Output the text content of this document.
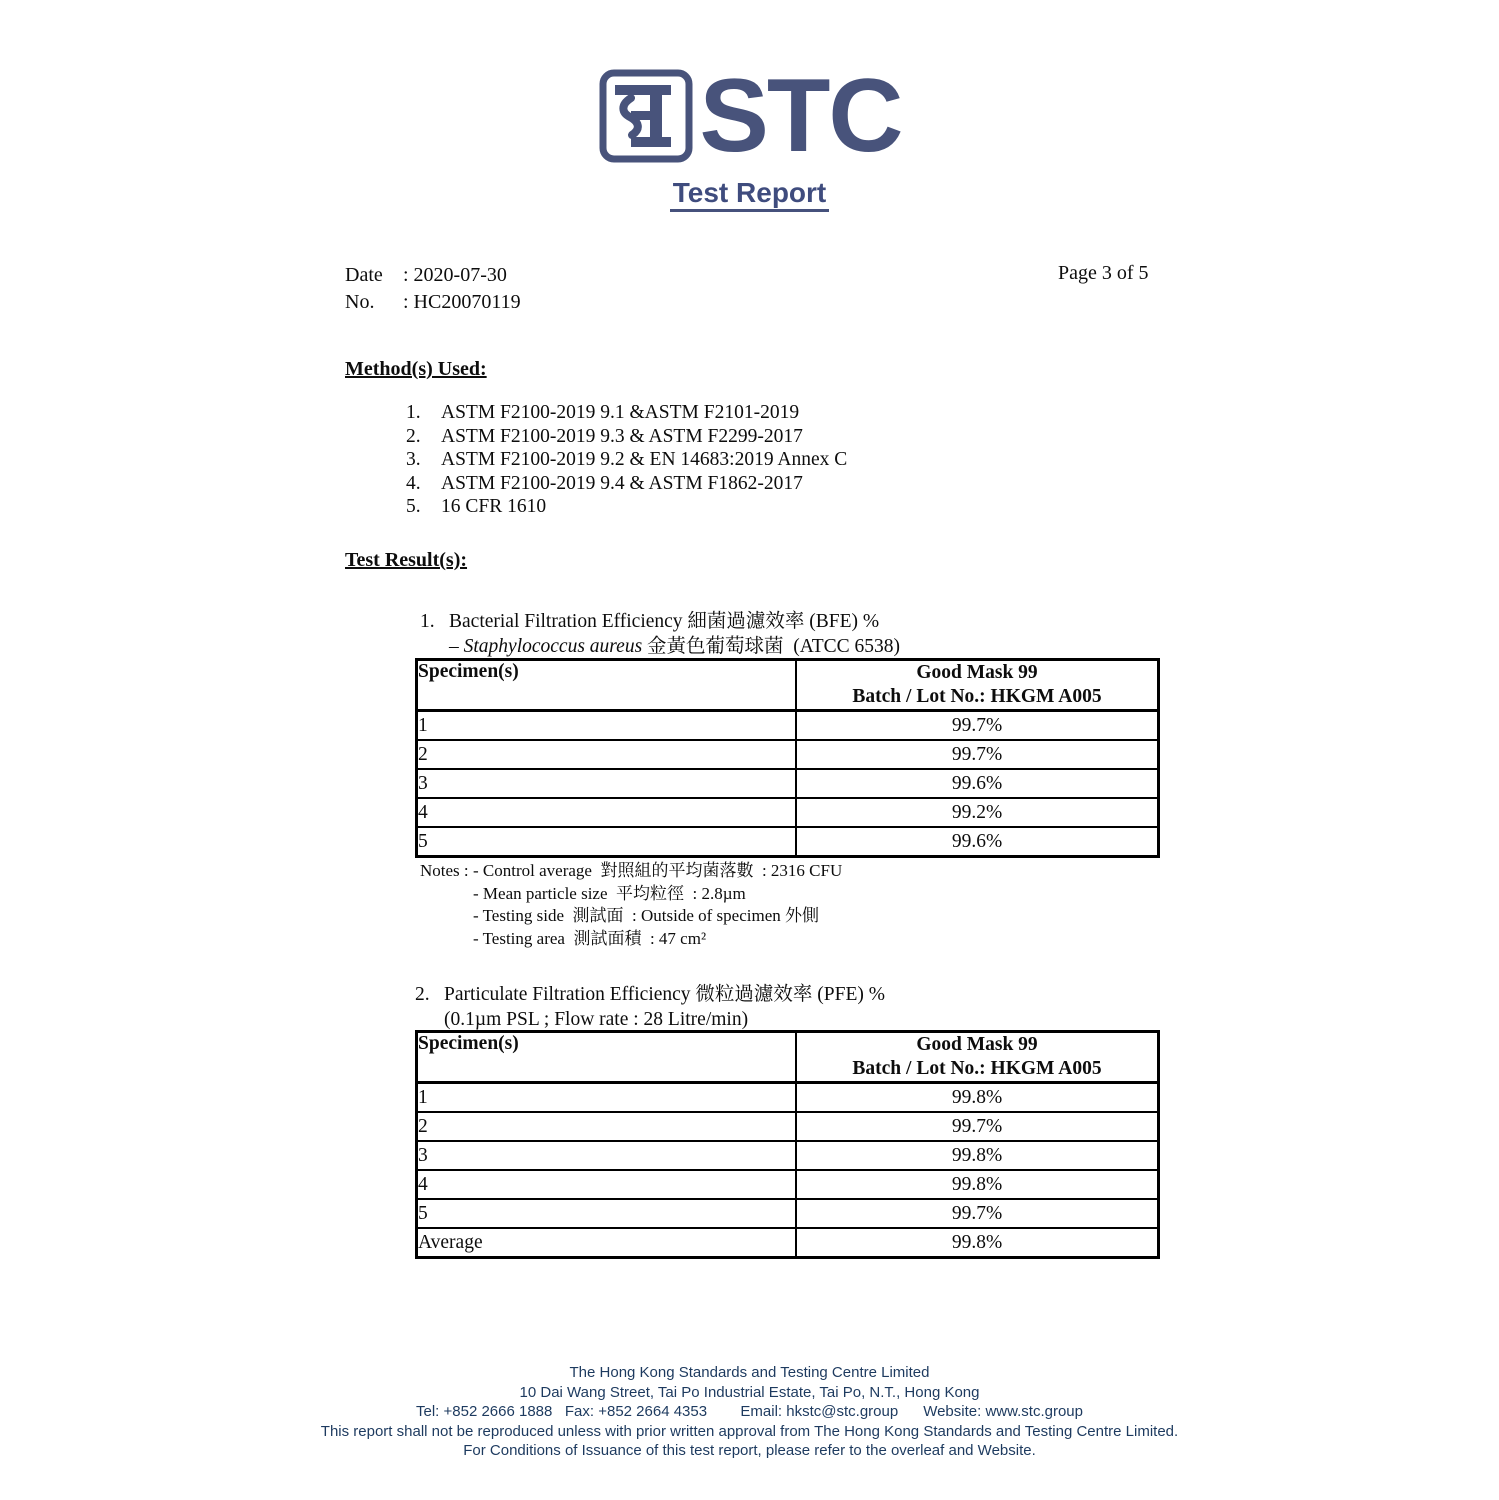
STC
Test Report
Date	: 2020-07-30
No.	: HC20070119
Page 3 of 5
Method(s) Used:
1.	ASTM F2100-2019 9.1 &ASTM F2101-2019
2.	ASTM F2100-2019 9.3 & ASTM F2299-2017
3.	ASTM F2100-2019 9.2 & EN 14683:2019 Annex C
4.	ASTM F2100-2019 9.4 & ASTM F1862-2017
5.	16 CFR 1610
Test Result(s):
1. Bacterial Filtration Efficiency 細菌過濾效率 (BFE) %
– Staphylococcus aureus 金黃色葡萄球菌  (ATCC 6538)
Specimen(s)	Good Mask 99
Batch / Lot No.: HKGM A005

1	99.7%
2	99.7%
3	99.6%
4	99.2%
5	99.6%
Notes : - Control average  對照組的平均菌落數  : 2316 CFU
- Mean particle size  平均粒徑  : 2.8µm
- Testing side  測試面  : Outside of specimen 外側
- Testing area  測試面積  : 47 cm²
2. Particulate Filtration Efficiency 微粒過濾效率 (PFE) %
(0.1µm PSL ; Flow rate : 28 Litre/min)
Specimen(s)	Good Mask 99
Batch / Lot No.: HKGM A005

1	99.8%
2	99.7%
3	99.8%
4	99.8%
5	99.7%
Average	99.8%
The Hong Kong Standards and Testing Centre Limited
10 Dai Wang Street, Tai Po Industrial Estate, Tai Po, N.T., Hong Kong
Tel: +852 2666 1888   Fax: +852 2664 4353        Email: hkstc@stc.group      Website: www.stc.group
This report shall not be reproduced unless with prior written approval from The Hong Kong Standards and Testing Centre Limited.
For Conditions of Issuance of this test report, please refer to the overleaf and Website.
